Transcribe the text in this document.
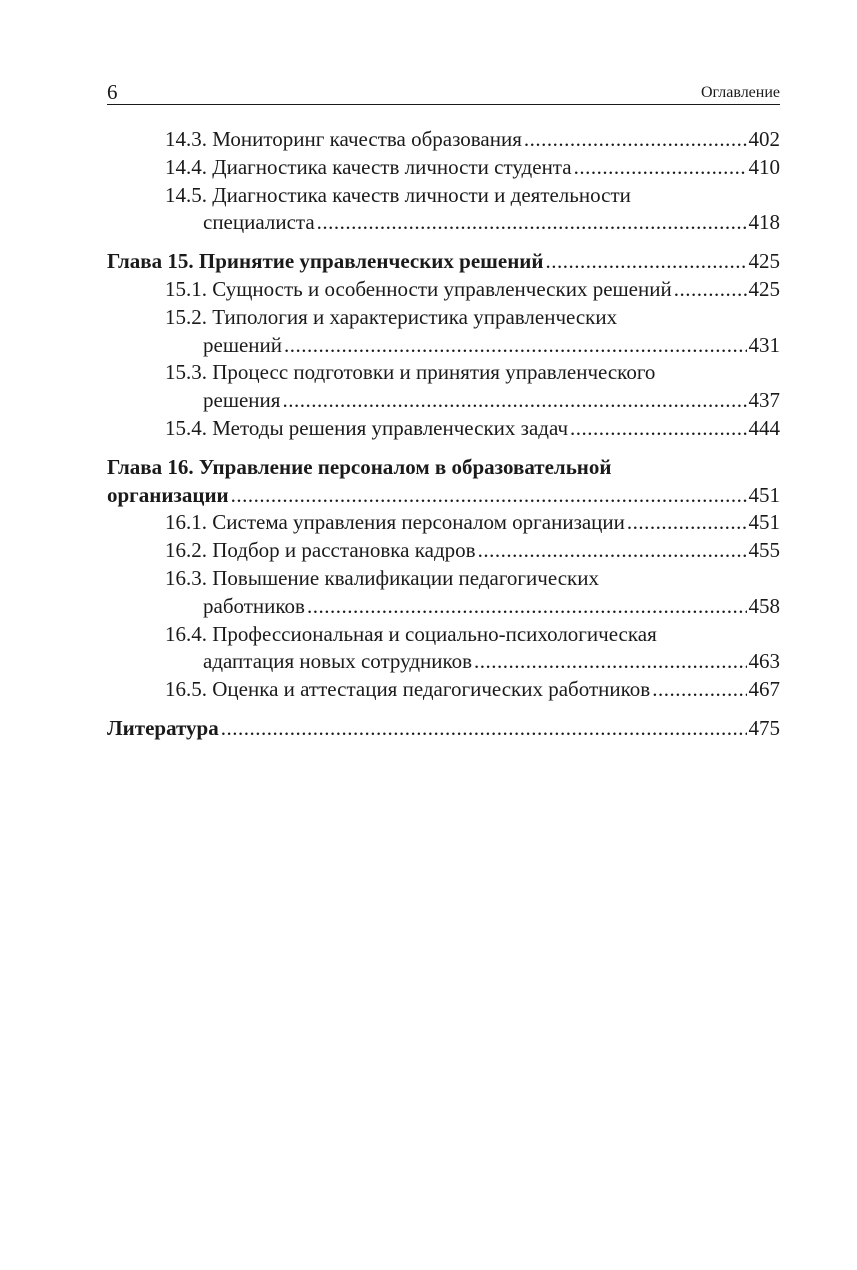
6	Оглавление
14.3. Мониторинг качества образования .....	402
14.4. Диагностика качеств личности студента .....	410
14.5. Диагностика качеств личности и деятельности
специалиста .....	418
Глава 15. Принятие управленческих решений .....	425
15.1. Сущность и особенности управленческих решений .....	425
15.2. Типология и характеристика управленческих
решений .....	431
15.3. Процесс подготовки и принятия управленческого
решения .....	437
15.4. Методы решения управленческих задач .....	444
Глава 16. Управление персоналом в образовательной
организации .....	451
16.1. Система управления персоналом организации .....	451
16.2. Подбор и расстановка кадров .....	455
16.3. Повышение квалификации педагогических
работников .....	458
16.4. Профессиональная и социально-психологическая
адаптация новых сотрудников .....	463
16.5. Оценка и аттестация педагогических работников .....	467
Литература .....	475
